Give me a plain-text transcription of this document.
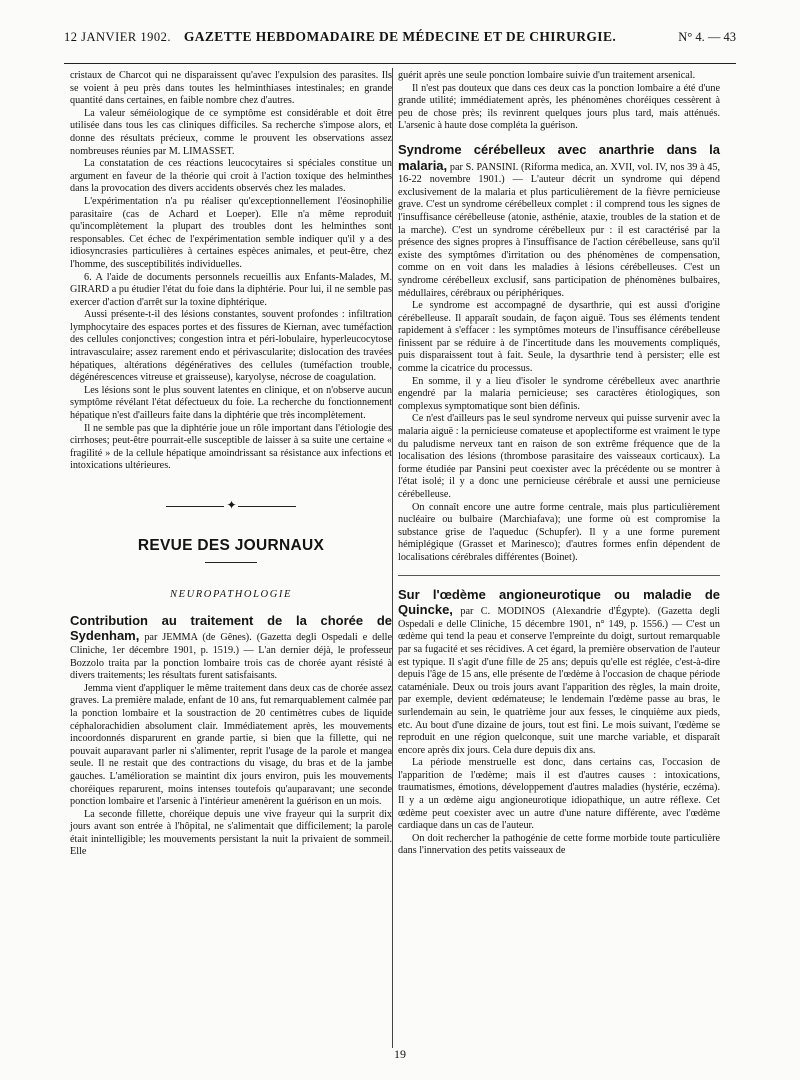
12 JANVIER 1902. GAZETTE HEBDOMADAIRE DE MÉDECINE ET DE CHIRURGIE.	N° 4. — 43

cristaux de Charcot qui ne disparaissent qu'avec l'expulsion des parasites. Ils se voient à peu près dans toutes les helminthiases intestinales; en grande quantité dans certaines, en faible nombre chez d'autres.

La valeur séméiologique de ce symptôme est considérable et doit être utilisée dans tous les cas cliniques difficiles. Sa recherche s'impose alors, et donne des résultats précieux, comme le prouvent les observations assez nombreuses réunies par M. LIMASSET.

La constatation de ces réactions leucocytaires si spéciales constitue un argument en faveur de la théorie qui croit à l'action toxique des helminthes dans la provocation des divers accidents observés chez les malades.

L'expérimentation n'a pu réaliser qu'exceptionnellement l'éosinophilie parasitaire (cas de Achard et Loeper). Elle n'a même reproduit qu'incomplètement la plupart des troubles dont les helminthes sont responsables. Cet échec de l'expérimentation semble indiquer qu'il y a des idiosyncrasies particulières à certaines espèces animales, et peut-être, chez l'homme, des susceptibilités individuelles.

6. A l'aide de documents personnels recueillis aux Enfants-Malades, M. GIRARD a pu étudier l'état du foie dans la diphtérie. Pour lui, il ne semble pas exercer d'action d'arrêt sur la toxine diphtérique.

Aussi présente-t-il des lésions constantes, souvent profondes : infiltration lymphocytaire des espaces portes et des fissures de Kiernan, avec tuméfaction des cellules conjonctives; congestion intra et péri-lobulaire, hyperleucocytose intravasculaire; assez rarement endo et périvascularite; dislocation des travées hépatiques, altérations dégénératives des cellules (tuméfaction trouble, dégénérescences vitreuse et graisseuse), karyolyse, nécrose de coagulation.

Les lésions sont le plus souvent latentes en clinique, et on n'observe aucun symptôme révélant l'état défectueux du foie. La recherche du fonctionnement hépatique n'est d'ailleurs faite dans la diphtérie que très incomplètement.

Il ne semble pas que la diphtérie joue un rôle important dans l'étiologie des cirrhoses; peut-être pourrait-elle susceptible de laisser à sa suite une certaine « fragilité » de la cellule hépatique amoindrissant sa résistance aux infections et intoxications ultérieures.

✦
REVUE DES JOURNAUX
NEUROPATHOLOGIE

Contribution au traitement de la chorée de Sydenham, par JEMMA (de Gênes). (Gazetta degli Ospedali e delle Cliniche, 1er décembre 1901, p. 1519.) — L'an dernier déjà, le professeur Bozzolo traita par la ponction lombaire trois cas de chorée ayant résisté à divers traitements; les résultats furent satisfaisants.

Jemma vient d'appliquer le même traitement dans deux cas de chorée assez graves. La première malade, enfant de 10 ans, fut remarquablement calmée par la ponction lombaire et la soustraction de 20 centimètres cubes de liquide céphalorachidien absolument clair. Immédiatement après, les mouvements incoordonnés disparurent en grande partie, si bien que la fillette, qui ne pouvait auparavant parler ni s'alimenter, reprit l'usage de la parole et mangea seule. Il ne restait que des contractions du visage, du bras et de la jambe gauches. L'amélioration se maintint dix jours environ, puis les mouvements choréiques reparurent, moins intenses toutefois qu'auparavant; une seconde ponction lombaire et l'arsenic à l'intérieur amenèrent la guérison en un mois.

La seconde fillette, choréique depuis une vive frayeur qui la surprit dix jours avant son entrée à l'hôpital, ne s'alimentait que difficilement; la parole était inintelligible; les mouvements persistant la nuit la privaient de sommeil. Elle

guérit après une seule ponction lombaire suivie d'un traitement arsenical.

Il n'est pas douteux que dans ces deux cas la ponction lombaire a été d'une grande utilité; immédiatement après, les phénomènes choréiques cessèrent à peu de chose près; ils revinrent quelques jours plus tard, mais atténués. L'arsenic à haute dose compléta la guérison.

Syndrome cérébelleux avec anarthrie dans la malaria, par S. PANSINI. (Riforma medica, an. XVII, vol. IV, nos 39 à 45, 16-22 novembre 1901.) — L'auteur décrit un syndrome qui dépend exclusivement de la malaria et plus particulièrement de la fièvre pernicieuse grave. C'est un syndrome cérébelleux complet : il comprend tous les signes de l'insuffisance cérébelleuse (atonie, asthénie, ataxie, troubles de la station et de la marche). C'est un syndrome cérébelleux pur : il est caractérisé par la présence des signes propres à l'insuffisance de l'action cérébelleuse, sans qu'il existe des symptômes d'irritation ou des phénomènes de compensation, comme on en voit dans les maladies à lésions cérébelleuses. C'est un syndrome cérébelleux exclusif, sans participation de phénomènes bulbaires, médullaires, cérébraux ou périphériques.

Le syndrome est accompagné de dysarthrie, qui est aussi d'origine cérébelleuse. Il apparaît soudain, de façon aiguë. Tous ses éléments tendent rapidement à s'effacer : les symptômes moteurs de l'insuffisance cérébelleuse finissent par se réduire à de l'incertitude dans les mouvements compliqués, puis disparaissent tout à fait. Seule, la dysarthrie tend à persister; elle est comme la cicatrice du processus.

En somme, il y a lieu d'isoler le syndrome cérébelleux avec anarthrie engendré par la malaria pernicieuse; ses caractères étiologiques, son complexus symptomatique sont bien définis.

Ce n'est d'ailleurs pas le seul syndrome nerveux qui puisse survenir avec la malaria aiguë : la pernicieuse comateuse et apoplectiforme est vraiment le type du paludisme nerveux tant en raison de son extrême fréquence que de la localisation des lésions (thrombose parasitaire des vaisseaux corticaux). La forme étudiée par Pansini peut coexister avec la précédente ou se montrer à l'état isolé; il y a donc une pernicieuse cérébrale et aussi une pernicieuse cérébelleuse.

On connaît encore une autre forme centrale, mais plus particulièrement nucléaire ou bulbaire (Marchiafava); une forme où est compromise la substance grise de l'aqueduc (Schupfer). Il y a une forme purement hémiplégique (Grasset et Marinesco); d'autres formes enfin dépendent de localisations cérébrales différentes (Boinet).

Sur l'œdème angioneurotique ou maladie de Quincke, par C. MODINOS (Alexandrie d'Égypte). (Gazetta degli Ospedali e delle Cliniche, 15 décembre 1901, n° 149, p. 1556.) — C'est un œdème qui tend la peau et conserve l'empreinte du doigt, surtout remarquable par sa fugacité et ses récidives. A cet égard, la première observation de l'auteur est typique. Il s'agit d'une fille de 25 ans; depuis qu'elle est réglée, c'est-à-dire depuis l'âge de 15 ans, elle présente de l'œdème à l'occasion de chaque période cataméniale. Deux ou trois jours avant l'apparition des règles, la main droite, par exemple, devient œdémateuse; le lendemain l'œdème passe au bras, le surlendemain au sein, le quatrième jour aux fesses, le cinquième aux pieds, etc. Au bout d'une dizaine de jours, tout est fini. Le mois suivant, l'œdème se reproduit en une région quelconque, suit une marche variable, et disparaît encore après dix jours. Cela dure depuis dix ans.

La période menstruelle est donc, dans certains cas, l'occasion de l'apparition de l'œdème; mais il est d'autres causes : intoxications, traumatismes, émotions, développement d'autres maladies (hystérie, eczéma). Il y a un œdème aigu angioneurotique idiopathique, un autre réflexe. Cet œdème peut coexister avec un autre d'une nature différente, avec l'œdème cardiaque dans un cas de l'auteur.

On doit rechercher la pathogénie de cette forme morbide toute particulière dans l'innervation des petits vaisseaux de

19
